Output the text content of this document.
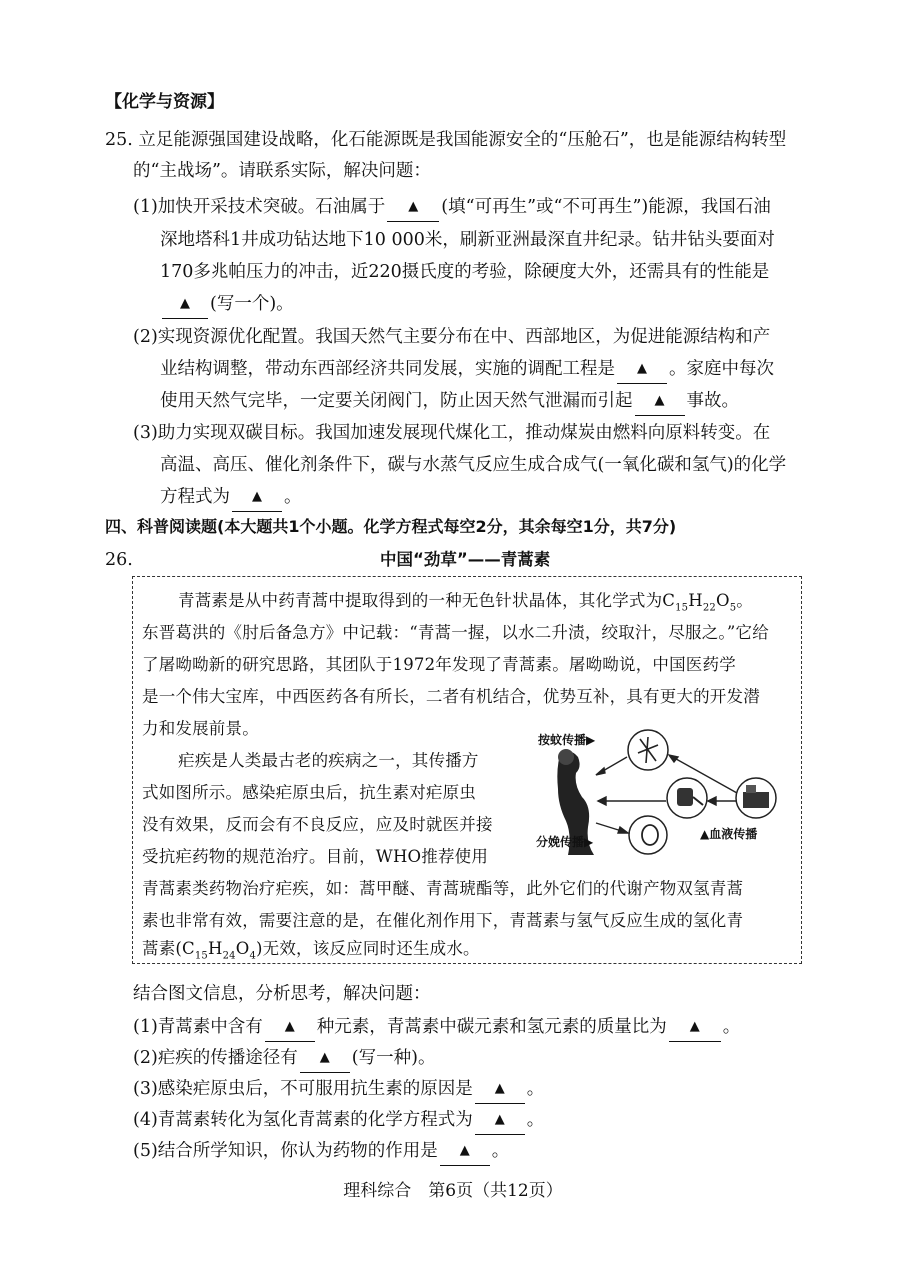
【化学与资源】
25. 立足能源强国建设战略，化石能源既是我国能源安全的“压舱石”，也是能源结构转型
的“主战场”。请联系实际，解决问题：
(1)加快开采技术突破。石油属于 ▲ (填“可再生”或“不可再生”)能源，我国石油
深地塔科1井成功钻达地下10 000米，刷新亚洲最深直井纪录。钻井钻头要面对
170多兆帕压力的冲击，近220摄氏度的考验，除硬度大外，还需具有的性能是
▲ (写一个)。
(2)实现资源优化配置。我国天然气主要分布在中、西部地区，为促进能源结构和产
业结构调整，带动东西部经济共同发展，实施的调配工程是 ▲ 。家庭中每次
使用天然气完毕，一定要关闭阀门，防止因天然气泄漏而引起 ▲ 事故。
(3)助力实现双碳目标。我国加速发展现代煤化工，推动煤炭由燃料向原料转变。在
高温、高压、催化剂条件下，碳与水蒸气反应生成合成气(一氧化碳和氢气)的化学
方程式为 ▲ 。
四、科普阅读题(本大题共1个小题。化学方程式每空2分，其余每空1分，共7分)
26.	中国“劲草”——青蒿素
青蒿素是从中药青蒿中提取得到的一种无色针状晶体，其化学式为$C_{15}H_{22}O_5$。
东晋葛洪的《肘后备急方》中记载：“青蒿一握，以水二升渍，绞取汁，尽服之。”它给
了屠呦呦新的研究思路，其团队于1972年发现了青蒿素。屠呦呦说，中国医药学
是一个伟大宝库，中西医药各有所长，二者有机结合，优势互补，具有更大的开发潜
力和发展前景。
疟疾是人类最古老的疾病之一，其传播方
式如图所示。感染疟原虫后，抗生素对疟原虫
没有效果，反而会有不良反应，应及时就医并接
受抗疟药物的规范治疗。目前，WHO推荐使用
青蒿素类药物治疗疟疾，如：蒿甲醚、青蒿琥酯等，此外它们的代谢产物双氢青蒿
素也非常有效，需要注意的是，在催化剂作用下，青蒿素与氢气反应生成的氢化青
蒿素$(C_{15}H_{24}O_4)$无效，该反应同时还生成水。
按蚊传播▶
▲血液传播
分娩传播▶
结合图文信息，分析思考，解决问题：
(1)青蒿素中含有 ▲ 种元素，青蒿素中碳元素和氢元素的质量比为 ▲ 。
(2)疟疾的传播途径有 ▲ (写一种)。
(3)感染疟原虫后，不可服用抗生素的原因是 ▲ 。
(4)青蒿素转化为氢化青蒿素的化学方程式为 ▲ 。
(5)结合所学知识，你认为药物的作用是 ▲ 。
理科综合　第6页（共12页）
